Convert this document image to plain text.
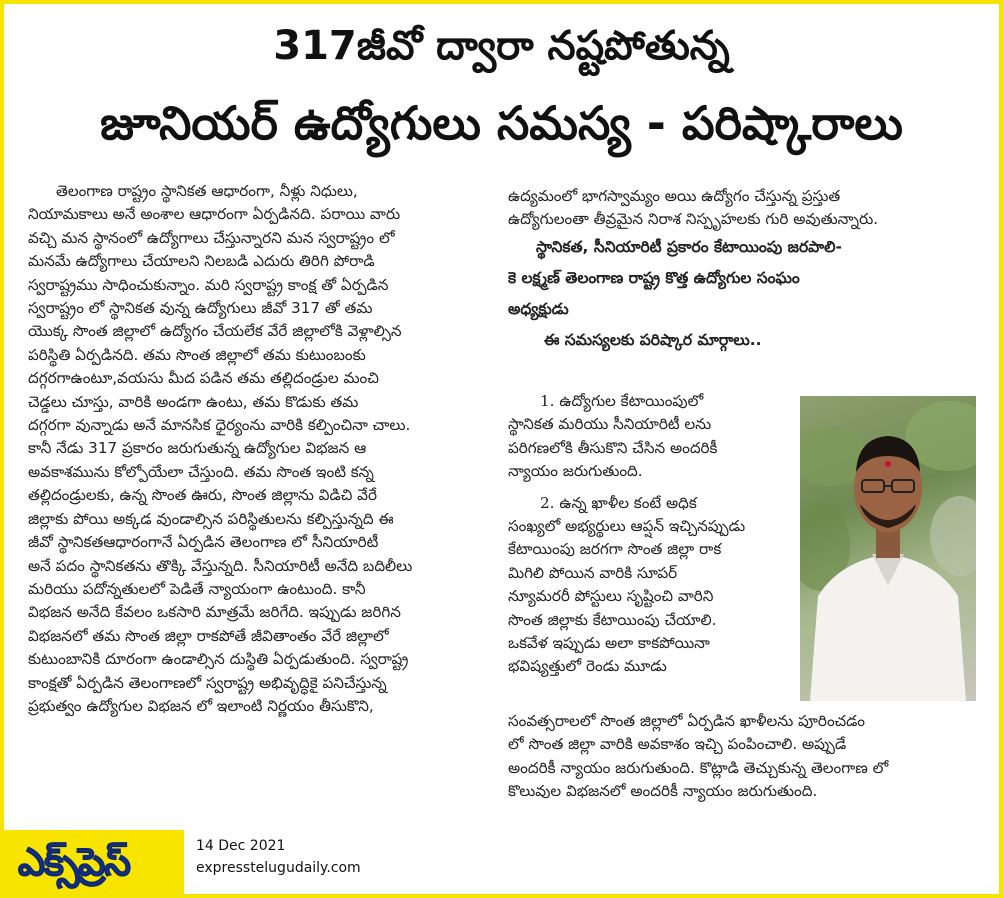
317జీవో ద్వారా నష్టపోతున్న
జూనియర్ ఉద్యోగులు సమస్య - పరిష్కారాలు

తెలంగాణ రాష్ట్రం స్థానికత ఆధారంగా, నీళ్లు నిధులు,

నియామకాలు అనే అంశాల ఆధారంగా ఏర్పడినది. పరాయి వారు

వచ్చి మన స్థానంలో ఉద్యోగాలు చేస్తున్నారని మన స్వరాష్ట్రం లో

మనమే ఉద్యోగాలు చేయాలని నిలబడి ఎదురు తిరిగి పోరాడి

స్వరాష్ట్రము సాధించుకున్నాం. మరి స్వరాష్ట్ర కాంక్ష తో ఏర్పడిన

స్వరాష్ట్రం లో స్థానికత వున్న ఉద్యోగులు జీవో 317 తో తమ

యొక్క సొంత జిల్లాలో ఉద్యోగం చేయలేక వేరే జిల్లాలోకి వెళ్లాల్సిన

పరిస్థితి ఏర్పడినది. తమ సొంత జిల్లాలో తమ కుటుంబంకు

దగ్గరగాఉంటూ,వయసు మీద పడిన తమ తల్లిదండ్రుల మంచి

చెడ్డలు చూస్తు, వారికి అండగా ఉంటు, తమ కొడుకు తమ

దగ్గరగా వున్నాడు అనే మానసిక ధైర్యంను వారికి కల్పించినా చాలు.

కానీ నేడు 317 ప్రకారం జరుగుతున్న ఉద్యోగుల విభజన ఆ

అవకాశమును కోల్పోయేలా చేస్తుంది. తమ సొంత ఇంటి కన్న

తల్లిదండ్రులకు, ఉన్న సొంత ఊరు, సొంత జిల్లాను విడిచి వేరే

జిల్లాకు పోయి అక్కడ వుండాల్సిన పరిస్థితులను కల్పిస్తున్నది ఈ

జీవో స్థానికతఆధారంగానే ఏర్పడిన తెలంగాణ లో సీనియారిటీ

అనే పదం స్థానికతను తొక్కి వేస్తున్నది. సీనియారిటీ అనేది బదిలీలు

మరియు పదోన్నతులలో పెడితే న్యాయంగా ఉంటుంది. కానీ

విభజన అనేది కేవలం ఒకసారి మాత్రమే జరిగేది. ఇప్పుడు జరిగిన

విభజనలో తమ సొంత జిల్లా రాకపోతే జీవితాంతం వేరే జిల్లాలో

కుటుంబానికి దూరంగా ఉండాల్సిన దుస్థితి ఏర్పడుతుంది. స్వరాష్ట్ర

కాంక్షతో ఏర్పడిన తెలంగాణలో స్వరాష్ట్ర అభివృద్ధికై పనిచేస్తున్న

ప్రభుత్వం ఉద్యోగుల విభజన లో ఇలాంటి నిర్ణయం తీసుకొని,

ఉద్యమంలో భాగస్వామ్యం అయి ఉద్యోగం చేస్తున్న ప్రస్తుత

ఉద్యోగులంతా తీవ్రమైన నిరాశ నిస్పృహలకు గురి అవుతున్నారు.

స్థానికత, సీనియారిటీ ప్రకారం కేటాయింపు జరపాలి-

కె లక్ష్మణ్ తెలంగాణ రాష్ట్ర కొత్త ఉద్యోగుల సంఘం

అధ్యక్షుడు

ఈ సమస్యలకు పరిష్కార మార్గాలు..

1. ఉద్యోగుల కేటాయింపులో

స్థానికత మరియు సీనియారిటీ లను

పరిగణలోకి తీసుకొని చేసిన అందరికీ

న్యాయం జరుగుతుంది.

2. ఉన్న ఖాళీల కంటే అధిక

సంఖ్యలో అభ్యర్థులు ఆప్షన్ ఇచ్చినప్పుడు

కేటాయింపు జరగగా సొంత జిల్లా రాక

మిగిలి పోయిన వారికి సూపర్

న్యూమరరీ పోస్టులు సృష్టించి వారిని

సొంత జిల్లాకు కేటాయింపు చేయాలి.

ఒకవేళ ఇప్పుడు అలా కాకపోయినా

భవిష్యత్తులో రెండు మూడు

సంవత్సరాలలో సొంత జిల్లాలో ఏర్పడిన ఖాళీలను పూరించడం

లో సొంత జిల్లా వారికి అవకాశం ఇచ్చి పంపించాలి. అప్పుడే

అందరికీ న్యాయం జరుగుతుంది. కొట్లాడి తెచ్చుకున్న తెలంగాణ లో

కొలువుల విభజనలో అందరికీ న్యాయం జరుగుతుంది.

ఎక్స్‌ప్రెస్	14 Dec 2021
expresstelugudaily.com
